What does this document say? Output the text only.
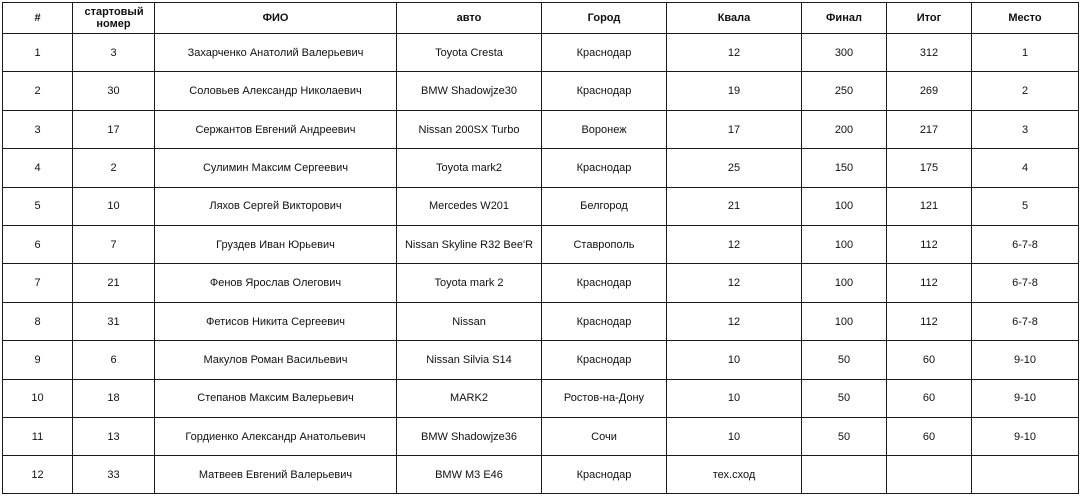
#	стартовый номер	ФИО	авто	Город	Квала	Финал	Итог	Место
1	3	Захарченко Анатолий Валерьевич	Toyota Cresta	Краснодар	12	300	312	1
2	30	Соловьев Александр Николаевич	BMW Shadowjze30	Краснодар	19	250	269	2
3	17	Сержантов Евгений Андреевич	Nissan 200SX Turbo	Воронеж	17	200	217	3
4	2	Сулимин Максим Сергеевич	Toyota mark2	Краснодар	25	150	175	4
5	10	Ляхов Сергей Викторович	Mercedes W201	Белгород	21	100	121	5
6	7	Груздев Иван Юрьевич	Nissan Skyline R32 Bee'R	Ставрополь	12	100	112	6-7-8
7	21	Фенов Ярослав Олегович	Toyota mark 2	Краснодар	12	100	112	6-7-8
8	31	Фетисов Никита Сергеевич	Nissan	Краснодар	12	100	112	6-7-8
9	6	Макулов Роман Васильевич	Nissan Silvia S14	Краснодар	10	50	60	9-10
10	18	Степанов Максим Валерьевич	MARK2	Ростов-на-Дону	10	50	60	9-10
11	13	Гордиенко Александр Анатольевич	BMW Shadowjze36	Сочи	10	50	60	9-10
12	33	Матвеев Евгений Валерьевич	BMW M3 E46	Краснодар	тех.сход			
